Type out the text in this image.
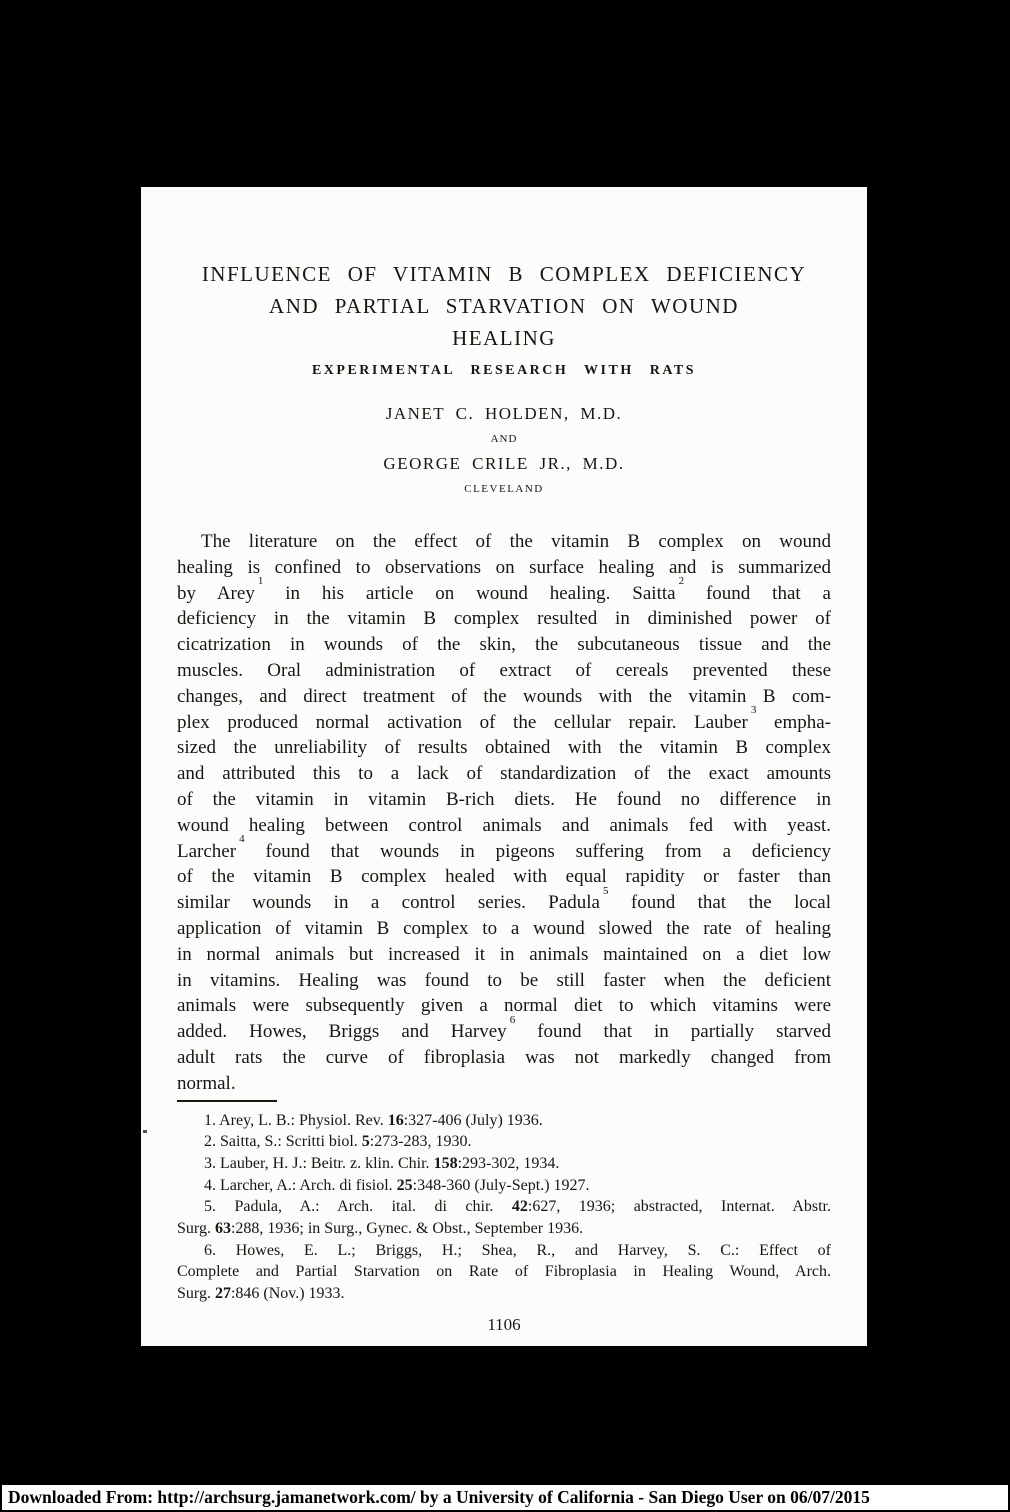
INFLUENCE OF VITAMIN B COMPLEX DEFICIENCY
AND PARTIAL STARVATION ON WOUND
HEALING
EXPERIMENTAL RESEARCH WITH RATS
JANET C. HOLDEN, M.D.
AND
GEORGE CRILE JR., M.D.
CLEVELAND
The literature on the effect of the vitamin B complex on wound
healing is confined to observations on surface healing and is summarized
by Arey$^1$ in his article on wound healing. Saitta$^2$ found that a
deficiency in the vitamin B complex resulted in diminished power of
cicatrization in wounds of the skin, the subcutaneous tissue and the
muscles. Oral administration of extract of cereals prevented these
changes, and direct treatment of the wounds with the vitamin B com-
plex produced normal activation of the cellular repair. Lauber$^3$ empha-
sized the unreliability of results obtained with the vitamin B complex
and attributed this to a lack of standardization of the exact amounts
of the vitamin in vitamin B-rich diets. He found no difference in
wound healing between control animals and animals fed with yeast.
Larcher$^4$ found that wounds in pigeons suffering from a deficiency
of the vitamin B complex healed with equal rapidity or faster than
similar wounds in a control series. Padula$^5$ found that the local
application of vitamin B complex to a wound slowed the rate of healing
in normal animals but increased it in animals maintained on a diet low
in vitamins. Healing was found to be still faster when the deficient
animals were subsequently given a normal diet to which vitamins were
added. Howes, Briggs and Harvey$^6$ found that in partially starved
adult rats the curve of fibroplasia was not markedly changed from
normal.
1. Arey, L. B.: Physiol. Rev. 16:327-406 (July) 1936.
2. Saitta, S.: Scritti biol. 5:273-283, 1930.
3. Lauber, H. J.: Beitr. z. klin. Chir. 158:293-302, 1934.
4. Larcher, A.: Arch. di fisiol. 25:348-360 (July-Sept.) 1927.
5. Padula, A.: Arch. ital. di chir. 42:627, 1936; abstracted, Internat. Abstr.
Surg. 63:288, 1936; in Surg., Gynec. & Obst., September 1936.
6. Howes, E. L.; Briggs, H.; Shea, R., and Harvey, S. C.: Effect of
Complete and Partial Starvation on Rate of Fibroplasia in Healing Wound, Arch.
Surg. 27:846 (Nov.) 1933.
1106
Downloaded From: http://archsurg.jamanetwork.com/ by a University of California - San Diego User on 06/07/2015
